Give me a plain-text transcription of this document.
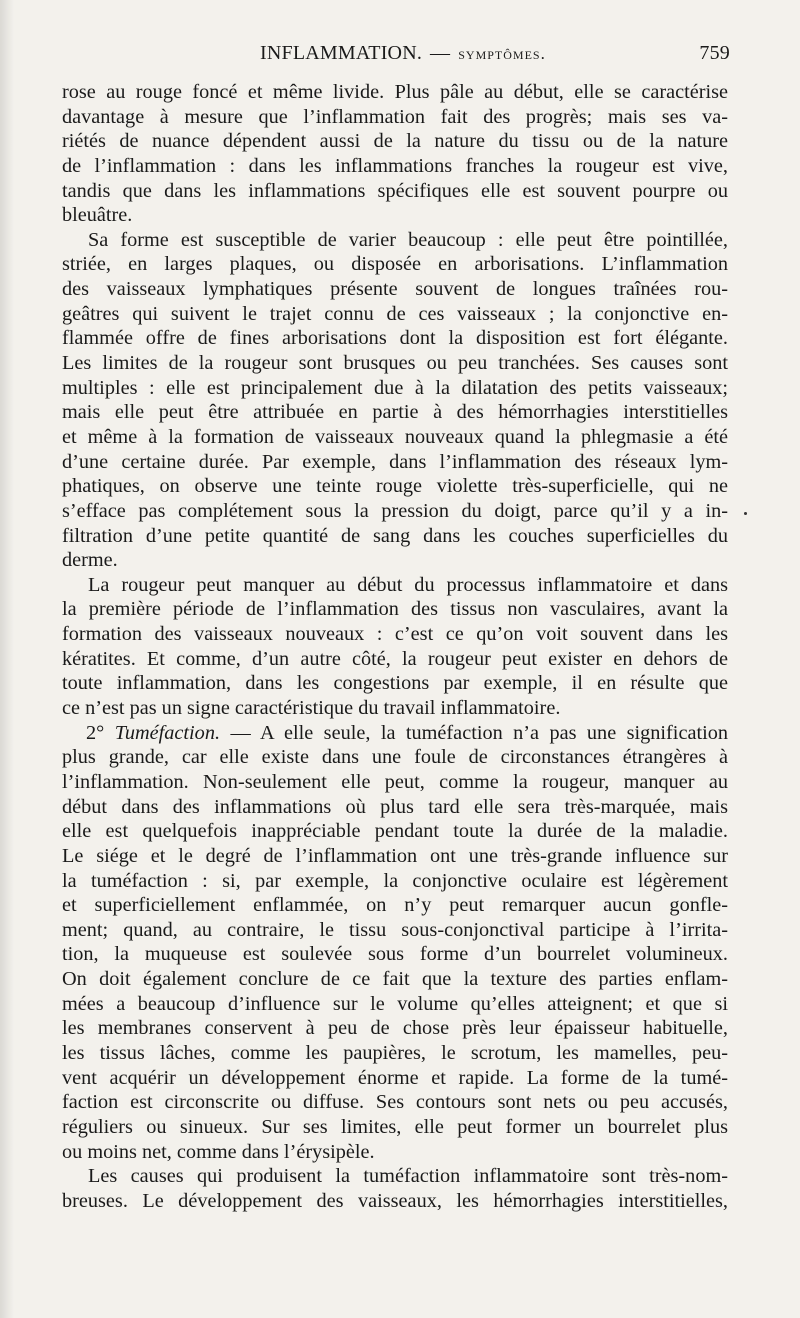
INFLAMMATION. — symptômes.	759
rose au rouge foncé et même livide. Plus pâle au début, elle se caractérise
davantage à mesure que l’inflammation fait des progrès; mais ses va-
riétés de nuance dépendent aussi de la nature du tissu ou de la nature
de l’inflammation : dans les inflammations franches la rougeur est vive,
tandis que dans les inflammations spécifiques elle est souvent pourpre ou
bleuâtre.
Sa forme est susceptible de varier beaucoup : elle peut être pointillée,
striée, en larges plaques, ou disposée en arborisations. L’inflammation
des vaisseaux lymphatiques présente souvent de longues traînées rou-
geâtres qui suivent le trajet connu de ces vaisseaux ; la conjonctive en-
flammée offre de fines arborisations dont la disposition est fort élégante.
Les limites de la rougeur sont brusques ou peu tranchées. Ses causes sont
multiples : elle est principalement due à la dilatation des petits vaisseaux;
mais elle peut être attribuée en partie à des hémorrhagies interstitielles
et même à la formation de vaisseaux nouveaux quand la phlegmasie a été
d’une certaine durée. Par exemple, dans l’inflammation des réseaux lym-
phatiques, on observe une teinte rouge violette très-superficielle, qui ne
s’efface pas complétement sous la pression du doigt, parce qu’il y a in-
filtration d’une petite quantité de sang dans les couches superficielles du
derme.
La rougeur peut manquer au début du processus inflammatoire et dans
la première période de l’inflammation des tissus non vasculaires, avant la
formation des vaisseaux nouveaux : c’est ce qu’on voit souvent dans les
kératites. Et comme, d’un autre côté, la rougeur peut exister en dehors de
toute inflammation, dans les congestions par exemple, il en résulte que
ce n’est pas un signe caractéristique du travail inflammatoire.
2° Tuméfaction. — A elle seule, la tuméfaction n’a pas une signification
plus grande, car elle existe dans une foule de circonstances étrangères à
l’inflammation. Non-seulement elle peut, comme la rougeur, manquer au
début dans des inflammations où plus tard elle sera très-marquée, mais
elle est quelquefois inappréciable pendant toute la durée de la maladie.
Le siége et le degré de l’inflammation ont une très-grande influence sur
la tuméfaction : si, par exemple, la conjonctive oculaire est légèrement
et superficiellement enflammée, on n’y peut remarquer aucun gonfle-
ment; quand, au contraire, le tissu sous-conjonctival participe à l’irrita-
tion, la muqueuse est soulevée sous forme d’un bourrelet volumineux.
On doit également conclure de ce fait que la texture des parties enflam-
mées a beaucoup d’influence sur le volume qu’elles atteignent; et que si
les membranes conservent à peu de chose près leur épaisseur habituelle,
les tissus lâches, comme les paupières, le scrotum, les mamelles, peu-
vent acquérir un développement énorme et rapide. La forme de la tumé-
faction est circonscrite ou diffuse. Ses contours sont nets ou peu accusés,
réguliers ou sinueux. Sur ses limites, elle peut former un bourrelet plus
ou moins net, comme dans l’érysipèle.
Les causes qui produisent la tuméfaction inflammatoire sont très-nom-
breuses. Le développement des vaisseaux, les hémorrhagies interstitielles,
